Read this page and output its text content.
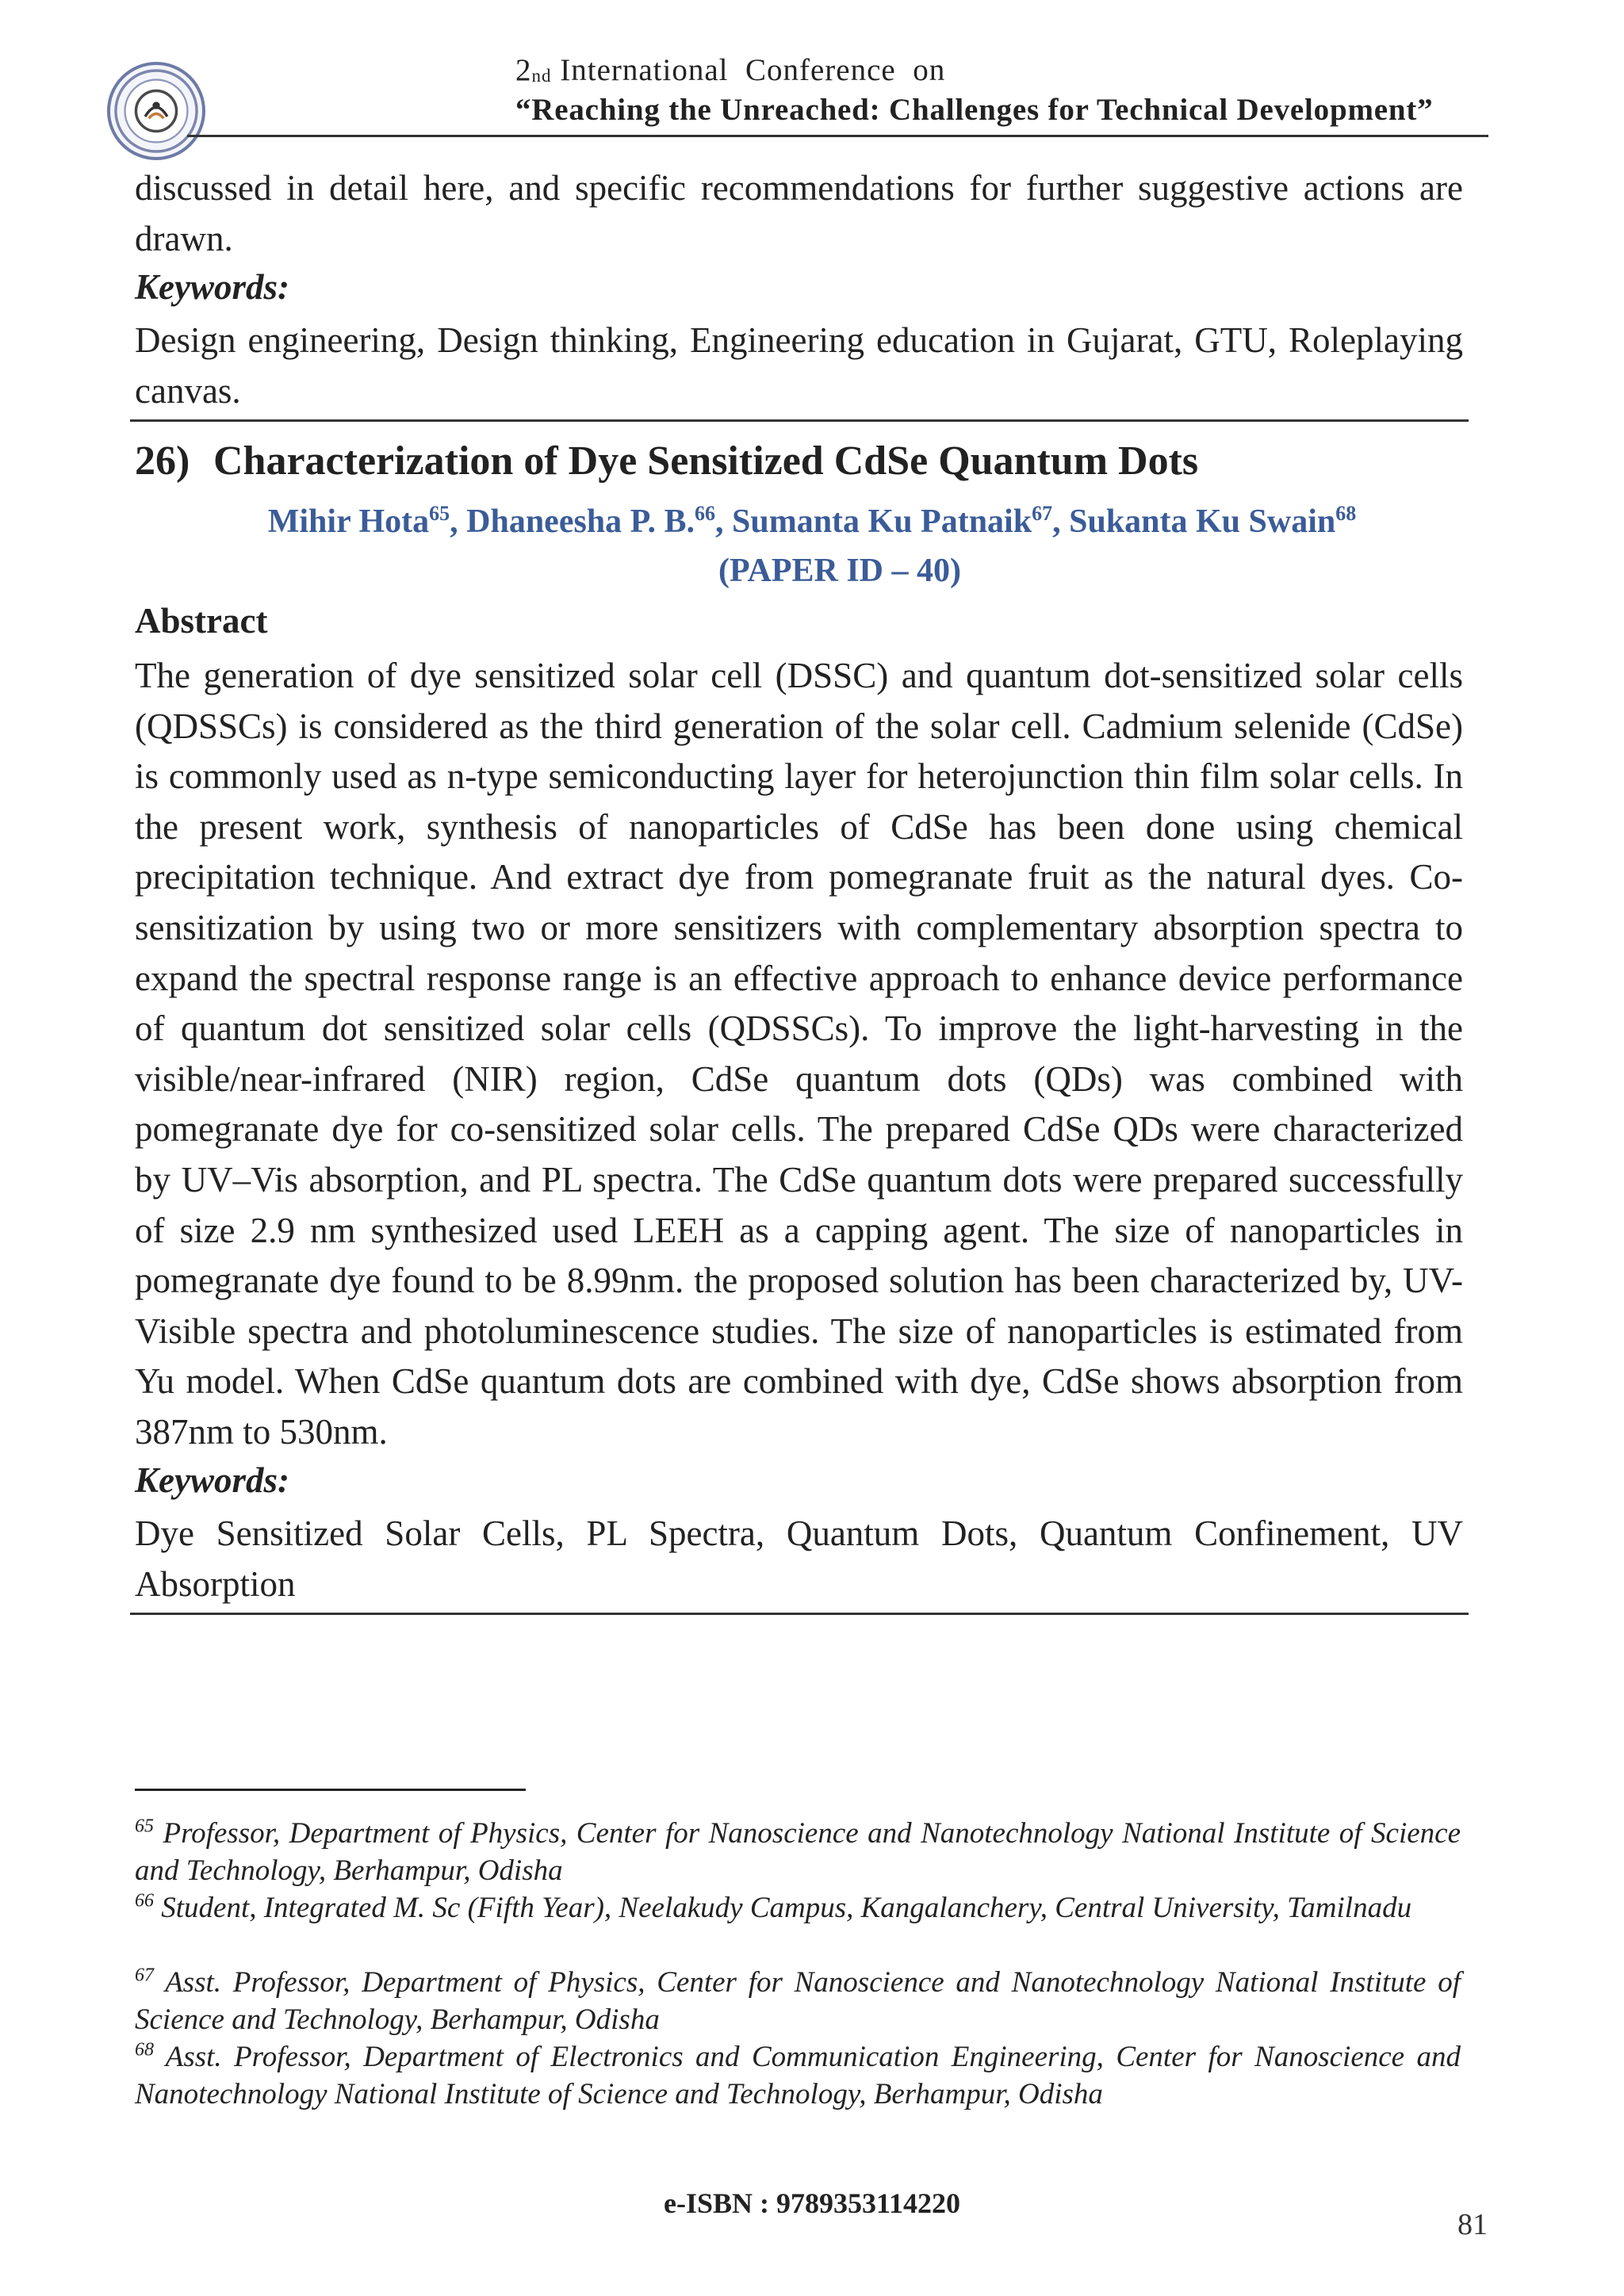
2nd International  Conference  on
“Reaching the Unreached: Challenges for Technical Development”

discussed in detail here, and specific recommendations for further suggestive actions are drawn.

Keywords:

Design engineering, Design thinking, Engineering education in Gujarat, GTU, Roleplaying canvas.

26) Characterization of Dye Sensitized CdSe Quantum Dots
Mihir Hota$^{65}$, Dhaneesha P. B.$^{66}$, Sumanta Ku Patnaik$^{67}$, Sukanta Ku Swain$^{68}$
(PAPER ID – 40)
Abstract

The generation of dye sensitized solar cell (DSSC) and quantum dot-sensitized solar cells (QDSSCs) is considered as the third generation of the solar cell. Cadmium selenide (CdSe) is commonly used as n-type semiconducting layer for heterojunction thin film solar cells. In the present work, synthesis of nanoparticles of CdSe has been done using chemical precipitation technique. And extract dye from pomegranate fruit as the natural dyes. Co-sensitization by using two or more sensitizers with complementary absorption spectra to expand the spectral response range is an effective approach to enhance device performance of quantum dot sensitized solar cells (QDSSCs). To improve the light-harvesting in the visible/near-infrared (NIR) region, CdSe quantum dots (QDs) was combined with pomegranate dye for co-sensitized solar cells. The prepared CdSe QDs were characterized by UV–Vis absorption, and PL spectra. The CdSe quantum dots were prepared successfully of size 2.9 nm synthesized used LEEH as a capping agent. The size of nanoparticles in pomegranate dye found to be 8.99nm. the proposed solution has been characterized by, UV-Visible spectra and photoluminescence studies. The size of nanoparticles is estimated from Yu model. When CdSe quantum dots are combined with dye, CdSe shows absorption from 387nm to 530nm.

Keywords:

Dye Sensitized Solar Cells, PL Spectra, Quantum Dots, Quantum Confinement, UV Absorption

$^{65}$ Professor, Department of Physics, Center for Nanoscience and Nanotechnology National Institute of Science and Technology, Berhampur, Odisha

$^{66}$ Student, Integrated M. Sc (Fifth Year), Neelakudy Campus, Kangalanchery, Central University, Tamilnadu

$^{67}$ Asst. Professor, Department of Physics, Center for Nanoscience and Nanotechnology National Institute of Science and Technology, Berhampur, Odisha

$^{68}$ Asst. Professor, Department of Electronics and Communication Engineering, Center for Nanoscience and Nanotechnology National Institute of Science and Technology, Berhampur, Odisha

e-ISBN : 9789353114220
81
